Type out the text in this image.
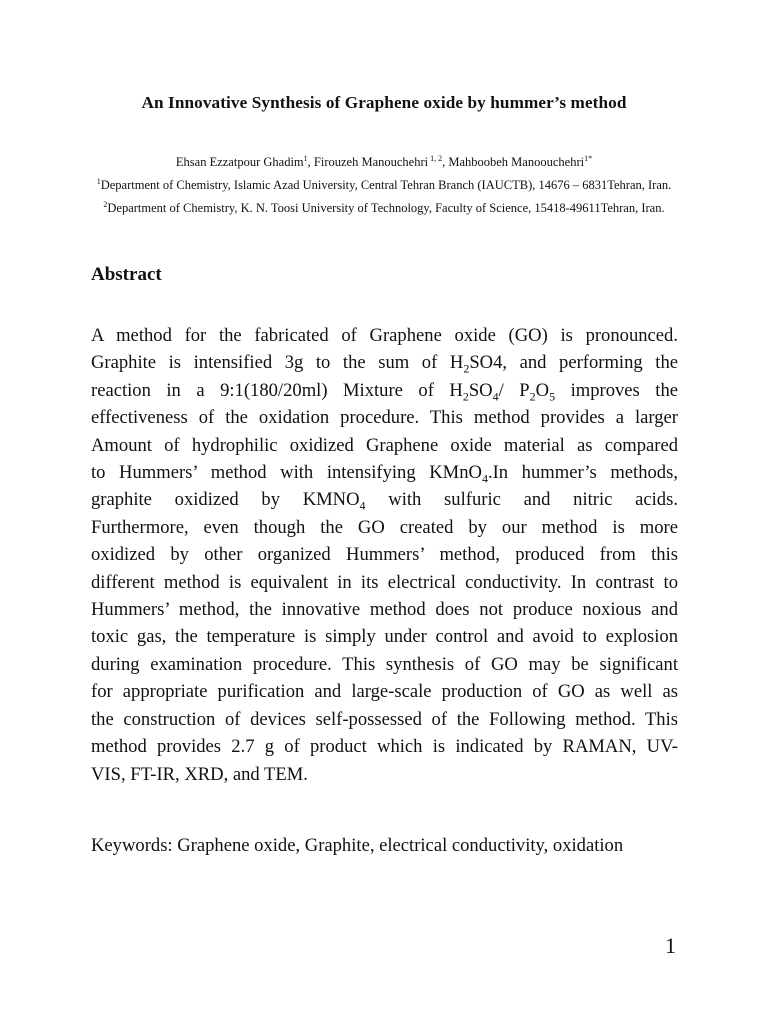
An Innovative Synthesis of Graphene oxide by hummer’s method
Ehsan Ezzatpour Ghadim$^1$, Firouzeh Manouchehri $^{1, 2}$, Mahboobeh Manoouchehri$^{1*}$
$^1$Department of Chemistry, Islamic Azad University, Central Tehran Branch (IAUCTB), 14676 – 6831Tehran, Iran.
$^2$Department of Chemistry, K. N. Toosi University of Technology, Faculty of Science, 15418-49611Tehran, Iran.
Abstract
A method for the fabricated of Graphene oxide (GO) is pronounced.
Graphite is intensified 3g to the sum of $H_2SO4$, and performing the
reaction in a 9:1(180/20ml) Mixture of $H_2SO_4/$ $P_2O_5$ improves the
effectiveness of the oxidation procedure. This method provides a larger
Amount of hydrophilic oxidized Graphene oxide material as compared
to Hummers’ method with intensifying KMnO$_4$.In hummer’s methods,
graphite oxidized by $KMNO_4$ with sulfuric and nitric acids.
Furthermore, even though the GO created by our method is more
oxidized by other organized Hummers’ method, produced from this
different method is equivalent in its electrical conductivity. In contrast to
Hummers’ method, the innovative method does not produce noxious and
toxic gas, the temperature is simply under control and avoid to explosion
during examination procedure. This synthesis of GO may be significant
for appropriate purification and large-scale production of GO as well as
the construction of devices self-possessed of the Following method. This
method provides 2.7 g of product which is indicated by RAMAN, UV-
VIS, FT-IR, XRD, and TEM.
Keywords: Graphene oxide, Graphite, electrical conductivity, oxidation
1
